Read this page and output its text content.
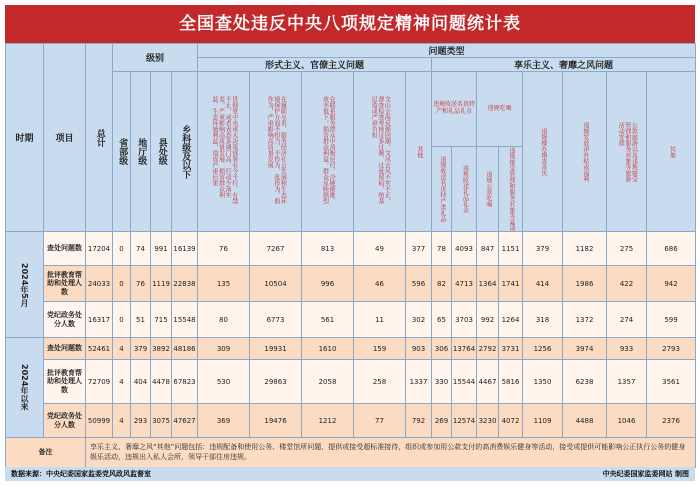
全国查处违反中央八项规定精神问题统计表
时期	项目	总计	级别				问题类型												
							形式主义、官僚主义问题					享乐主义、奢靡之风问题							

			省部级	地厅级	县处级	乡科级及以下	贯彻党中央重大决策部署有令不行、有禁不止，或者表态多调门高、行动少落实差，严重影响高质量发展、损害群众利益、生态环境利益，造成严重后果	在履职尽责、服务经济社会发展和生态环境保护方面不担当、不作为、乱作为、假作为，严重影响高质量发展	在联系服务群众中消极应付、冷硬横推、效率低下，损害群众利益，群众反映强烈	文山会海反弹回潮，文风会风不实不正，督查检查考核过多过频、过度留痕，给基层造成严重负担	其他	违规收送名贵特产和礼品礼金		违规吃喝		违规操办婚丧喜庆	违规发放津补贴或福利	公款旅游以及违规接受管理和服务对象等旅游活动安排	其他

												违规收送名贵特产类礼品	违规收送礼品礼金	违规公款吃喝	违规接受管理和服务对象等宴请				

2024年5月	查处问题数	17204	0	74	991	16139	76	7267	813	49	377	78	4093	847	1151	379	1182	275	686
	批评教育帮助和处理人数	24033	0	76	1119	22838	135	10504	996	46	596	82	4713	1364	1741	414	1986	422	942
	党纪政务处分人数	16317	0	51	715	15548	80	6773	561	11	302	65	3703	992	1264	318	1372	274	599

2024年以来	查处问题数	52461	4	379	3892	48186	309	19931	1610	159	903	306	13764	2792	3731	1256	3974	933	2793
	批评教育帮助和处理人数	72709	4	404	4478	67823	530	29863	2058	258	1337	330	15544	4467	5816	1350	6238	1357	3561
	党纪政务处分人数	50999	4	293	3075	47627	369	19476	1212	77	792	269	12574	3230	4072	1109	4488	1046	2376
备注		享乐主义、奢靡之风“其他”问题包括：违规配备和使用公务、楼堂馆所问题，提供或接受超标准接待，组织或参加用公款支付的高消费娱乐健身等活动，接受或提供可能影响公正执行公务的健身娱乐活动，违规出入私人会所，领导干部住房违规。																	
数据来源：中央纪委国家监委党风政风监督室	中央纪委国家监委网站 制图
